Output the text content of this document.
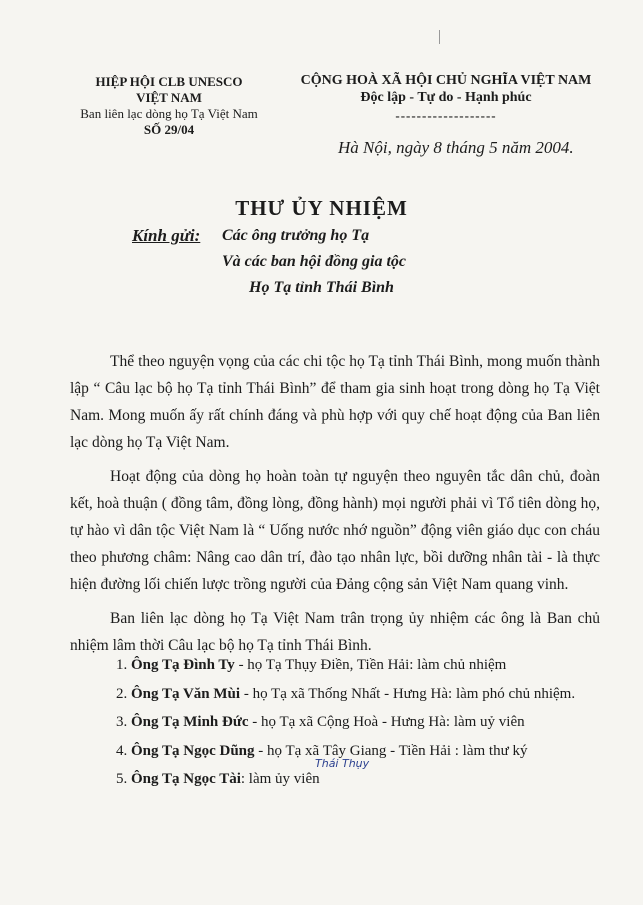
HIỆP HỘI CLB UNESCO
VIỆT NAM
Ban liên lạc dòng họ Tạ Việt Nam
SỐ 29/04
CỘNG HOÀ XÃ HỘI CHỦ NGHĨA VIỆT NAM
Độc lập - Tự do - Hạnh phúc
-------------------
Hà Nội, ngày 8 tháng 5 năm 2004.
THƯ ỦY NHIỆM
Kính gửi: Các ông trưởng họ Tạ
Và các ban hội đồng gia tộc
Họ Tạ tỉnh Thái Bình

Thể theo nguyện vọng của các chi tộc họ Tạ tỉnh Thái Bình, mong muốn thành lập “ Câu lạc bộ họ Tạ tỉnh Thái Bình” để tham gia sinh hoạt trong dòng họ Tạ Việt Nam. Mong muốn ấy rất chính đáng và phù hợp với quy chế hoạt động của Ban liên lạc dòng họ Tạ Việt Nam.

Hoạt động của dòng họ hoàn toàn tự nguyện theo nguyên tắc dân chủ, đoàn kết, hoà thuận ( đồng tâm, đồng lòng, đồng hành) mọi người phải vì Tổ tiên dòng họ, tự hào vì dân tộc Việt Nam là “ Uống nước nhớ nguồn” động viên giáo dục con cháu theo phương châm: Nâng cao dân trí, đào tạo nhân lực, bồi dưỡng nhân tài - là thực hiện đường lối chiến lược trồng người của Đảng cộng sản Việt Nam quang vinh.

Ban liên lạc dòng họ Tạ Việt Nam trân trọng ủy nhiệm các ông là Ban chủ nhiệm lâm thời Câu lạc bộ họ Tạ tỉnh Thái Bình.

1. Ông Tạ Đình Ty - họ Tạ Thụy Điền, Tiền Hải: làm chủ nhiệm
2. Ông Tạ Văn Mùi - họ Tạ xã Thống Nhất - Hưng Hà: làm phó chủ nhiệm.
3. Ông Tạ Minh Đức - họ Tạ xã Cộng Hoà - Hưng Hà: làm uỷ viên
4. Ông Tạ Ngọc Dũng - họ Tạ xã Tây Giang - Tiền Hải : làm thư ký
5. Ông Tạ Ngọc Tài: làm ủy viên
Thái Thụy
